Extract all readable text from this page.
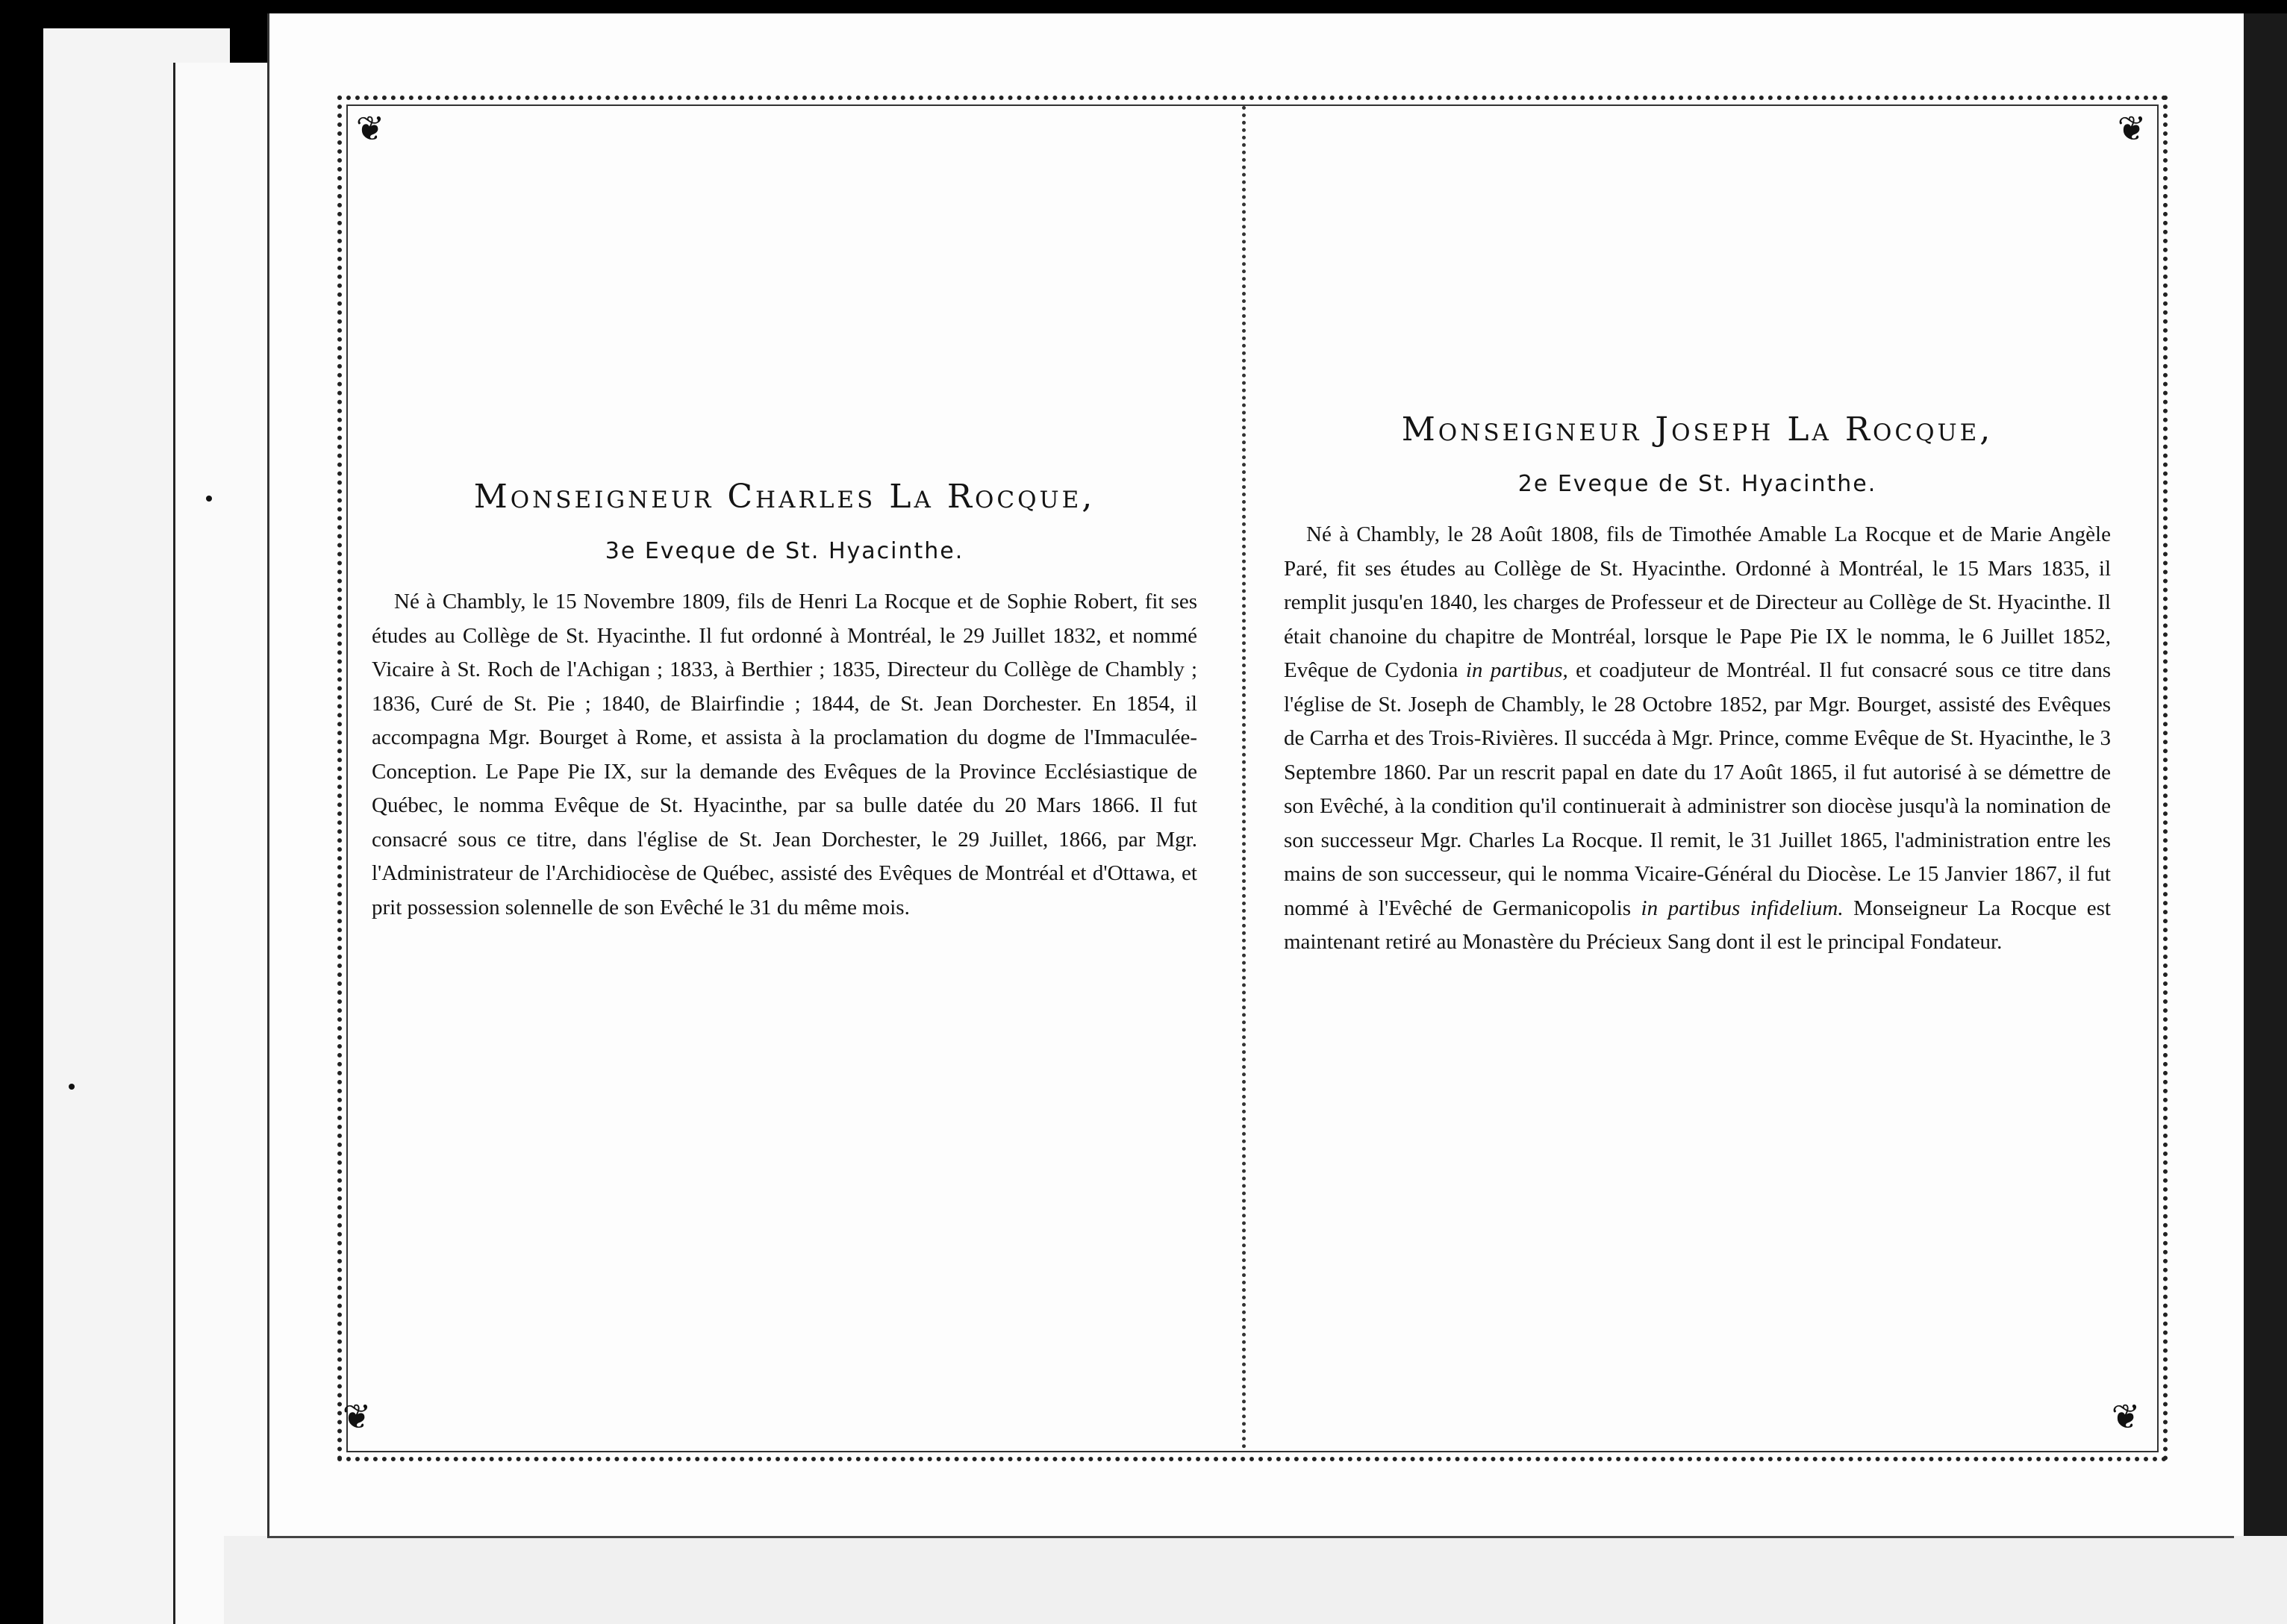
❦	❦
❦	❦
Monseigneur Charles La Rocque,
3e Eveque de St. Hyacinthe.

Né à Chambly, le 15 Novembre 1809, fils de Henri La Rocque et de Sophie Robert, fit ses études au Collège de St. Hyacinthe. Il fut ordonné à Montréal, le 29 Juillet 1832, et nommé Vicaire à St. Roch de l'Achigan ; 1833, à Berthier ; 1835, Directeur du Collège de Chambly ; 1836, Curé de St. Pie ; 1840, de Blairfindie ; 1844, de St. Jean Dorchester. En 1854, il accompagna Mgr. Bourget à Rome, et assista à la proclamation du dogme de l'Immaculée-Conception. Le Pape Pie IX, sur la demande des Evêques de la Province Ecclésiastique de Québec, le nomma Evêque de St. Hyacinthe, par sa bulle datée du 20 Mars 1866. Il fut consacré sous ce titre, dans l'église de St. Jean Dorchester, le 29 Juillet, 1866, par Mgr. l'Administrateur de l'Archidiocèse de Québec, assisté des Evêques de Montréal et d'Ottawa, et prit possession solennelle de son Evêché le 31 du même mois.

Monseigneur Joseph La Rocque,
2e Eveque de St. Hyacinthe.

Né à Chambly, le 28 Août 1808, fils de Timothée Amable La Rocque et de Marie Angèle Paré, fit ses études au Collège de St. Hyacinthe. Ordonné à Montréal, le 15 Mars 1835, il remplit jusqu'en 1840, les charges de Professeur et de Directeur au Collège de St. Hyacinthe. Il était chanoine du chapitre de Montréal, lorsque le Pape Pie IX le nomma, le 6 Juillet 1852, Evêque de Cydonia in partibus, et coadjuteur de Montréal. Il fut consacré sous ce titre dans l'église de St. Joseph de Chambly, le 28 Octobre 1852, par Mgr. Bourget, assisté des Evêques de Carrha et des Trois-Rivières. Il succéda à Mgr. Prince, comme Evêque de St. Hyacinthe, le 3 Septembre 1860. Par un rescrit papal en date du 17 Août 1865, il fut autorisé à se démettre de son Evêché, à la condition qu'il continuerait à administrer son diocèse jusqu'à la nomination de son successeur Mgr. Charles La Rocque. Il remit, le 31 Juillet 1865, l'administration entre les mains de son successeur, qui le nomma Vicaire-Général du Diocèse. Le 15 Janvier 1867, il fut nommé à l'Evêché de Germanicopolis in partibus infidelium. Monseigneur La Rocque est maintenant retiré au Monastère du Précieux Sang dont il est le principal Fondateur.
